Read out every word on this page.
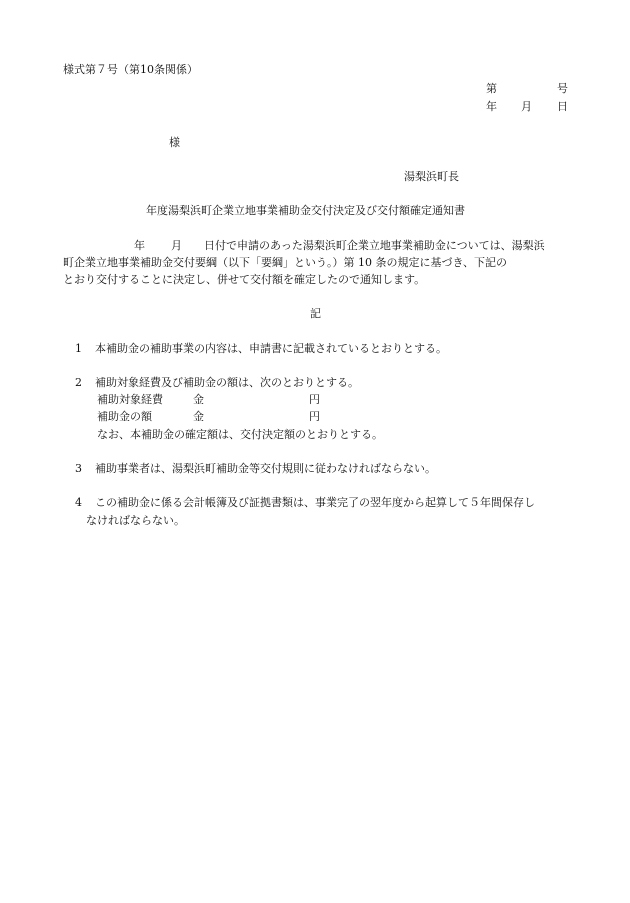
様式第７号（第10条関係）
第	号
年 月 日
様
湯梨浜町長
年度湯梨浜町企業立地事業補助金交付決定及び交付額確定通知書
年 月 日付で申請のあった湯梨浜町企業立地事業補助金については、湯梨浜
町企業立地事業補助金交付要綱（以下「要綱」という。）第 10 条の規定に基づき、下記の
とおり交付することに決定し、併せて交付額を確定したので通知します。
記
1 本補助金の補助事業の内容は、申請書に記載されているとおりとする。
2 補助対象経費及び補助金の額は、次のとおりとする。
補助対象経費	金	円
補助金の額	金	円
なお、本補助金の確定額は、交付決定額のとおりとする。
3 補助事業者は、湯梨浜町補助金等交付規則に従わなければならない。
4 この補助金に係る会計帳簿及び証拠書類は、事業完了の翌年度から起算して５年間保存し
なければならない。
